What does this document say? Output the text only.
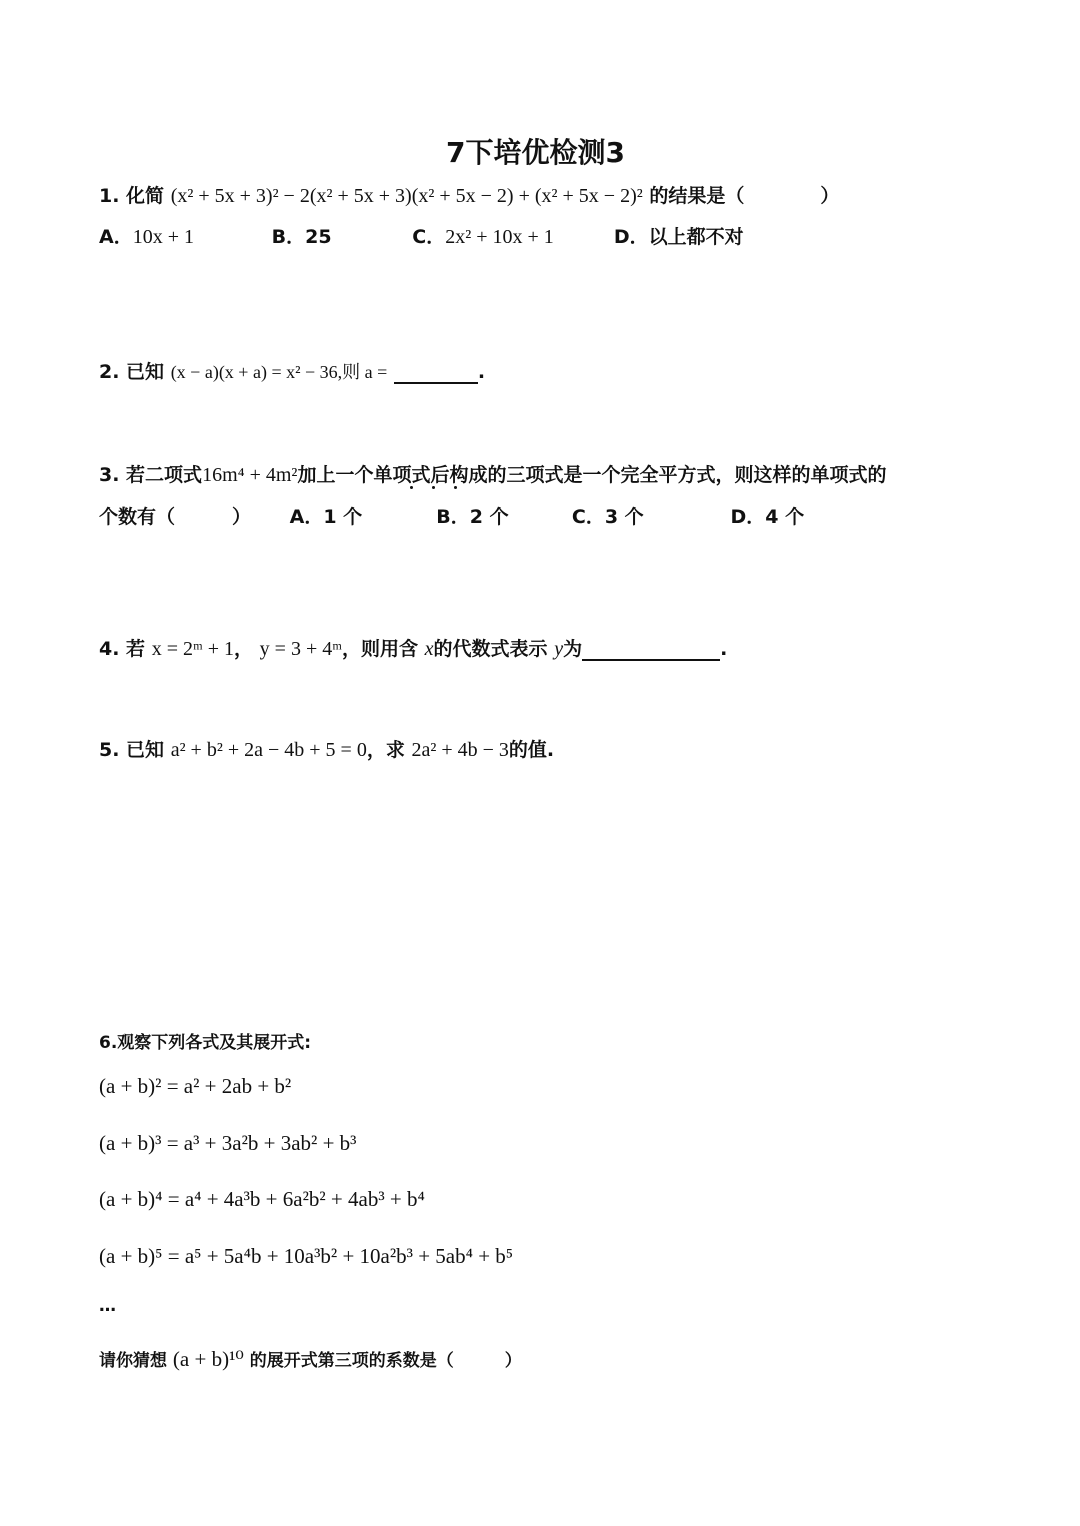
7下培优检测3
1. 化简 (x² + 5x + 3)² − 2(x² + 5x + 3)(x² + 5x − 2) + (x² + 5x − 2)² 的结果是（　　　　）
A．10x + 1	B．25	C．2x² + 10x + 1	D．以上都不对
2. 已知 (x − a)(x + a) = x² − 36,则 a =	.
3. 若二项式16m⁴ + 4m²加上一个单项式后构成的三项式是一个完全平方式，则这样的单项式的
个数有（　　　） A．1 个	B．2 个	C．3 个	D．4 个
4. 若 x = 2ᵐ + 1， y = 3 + 4ᵐ，则用含 x的代数式表示 y为	.
5. 已知 a² + b² + 2a − 4b + 5 = 0，求 2a² + 4b − 3的值.
6.观察下列各式及其展开式:
(a + b)² = a² + 2ab + b²
(a + b)³ = a³ + 3a²b + 3ab² + b³
(a + b)⁴ = a⁴ + 4a³b + 6a²b² + 4ab³ + b⁴
(a + b)⁵ = a⁵ + 5a⁴b + 10a³b² + 10a²b³ + 5ab⁴ + b⁵
…
请你猜想 (a + b)¹⁰ 的展开式第三项的系数是（　　　）
